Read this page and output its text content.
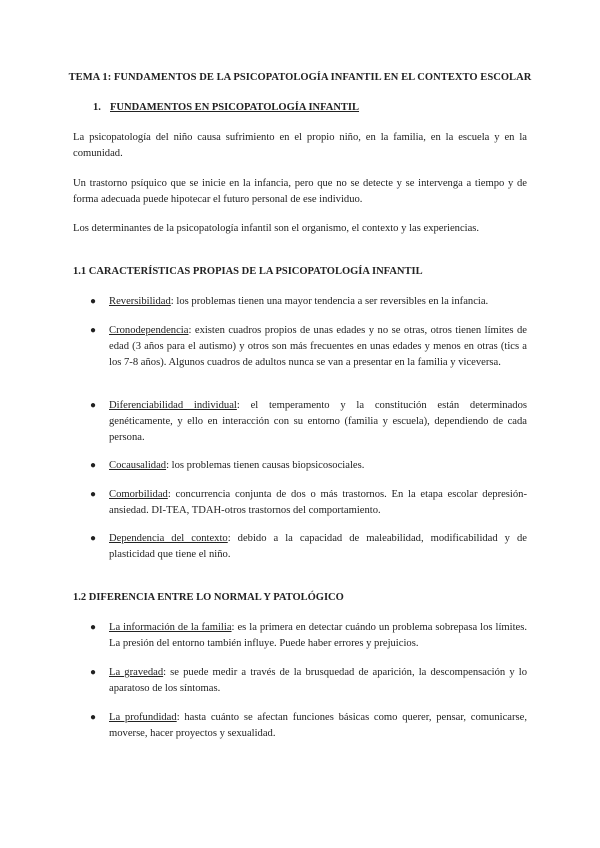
TEMA 1: FUNDAMENTOS DE LA PSICOPATOLOGÍA INFANTIL EN EL CONTEXTO ESCOLAR
1. FUNDAMENTOS EN PSICOPATOLOGÍA INFANTIL
La psicopatología del niño causa sufrimiento en el propio niño, en la familia, en la escuela y en la comunidad.
Un trastorno psíquico que se inicie en la infancia, pero que no se detecte y se intervenga a tiempo y de forma adecuada puede hipotecar el futuro personal de ese individuo.
Los determinantes de la psicopatología infantil son el organismo, el contexto y las experiencias.
1.1 CARACTERÍSTICAS PROPIAS DE LA PSICOPATOLOGÍA INFANTIL
●	Reversibilidad: los problemas tienen una mayor tendencia a ser reversibles en la infancia.
●	Cronodependencia: existen cuadros propios de unas edades y no se otras, otros tienen límites de edad (3 años para el autismo) y otros son más frecuentes en unas edades y menos en otras (tics a los 7-8 años). Algunos cuadros de adultos nunca se van a presentar en la familia y viceversa.
●	Diferenciabilidad individual: el temperamento y la constitución están determinados genéticamente, y ello en interacción con su entorno (familia y escuela), dependiendo de cada persona.
●	Cocausalidad: los problemas tienen causas biopsicosociales.
●	Comorbilidad: concurrencia conjunta de dos o más trastornos. En la etapa escolar depresión-ansiedad. DI-TEA, TDAH-otros trastornos del comportamiento.
●	Dependencia del contexto: debido a la capacidad de maleabilidad, modificabilidad y de plasticidad que tiene el niño.
1.2 DIFERENCIA ENTRE LO NORMAL Y PATOLÓGICO
●	La información de la familia: es la primera en detectar cuándo un problema sobrepasa los límites. La presión del entorno también influye. Puede haber errores y prejuicios.
●	La gravedad: se puede medir a través de la brusquedad de aparición, la descompensación y lo aparatoso de los síntomas.
●	La profundidad: hasta cuánto se afectan funciones básicas como querer, pensar, comunicarse, moverse, hacer proyectos y sexualidad.
